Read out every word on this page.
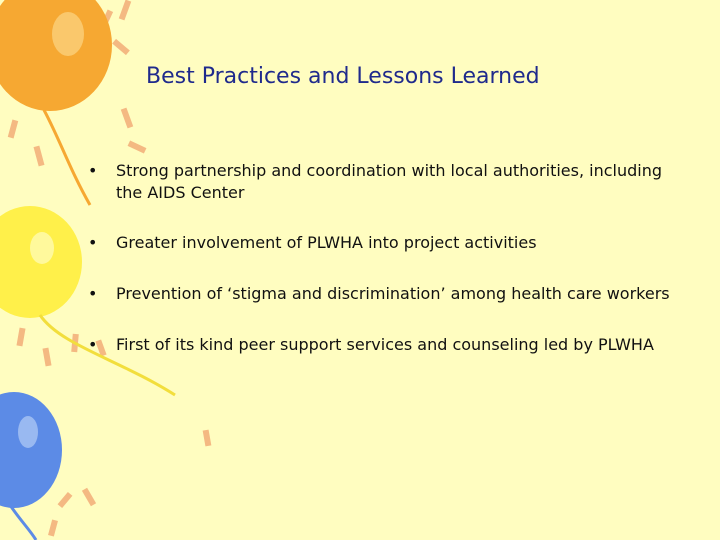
Best Practices and Lessons Learned
• Strong partnership and coordination with local authorities, including the AIDS Center
• Greater involvement of PLWHA into project activities
• Prevention of ‘stigma and discrimination’ among health care workers
• First of its kind peer support services and counseling led by PLWHA
